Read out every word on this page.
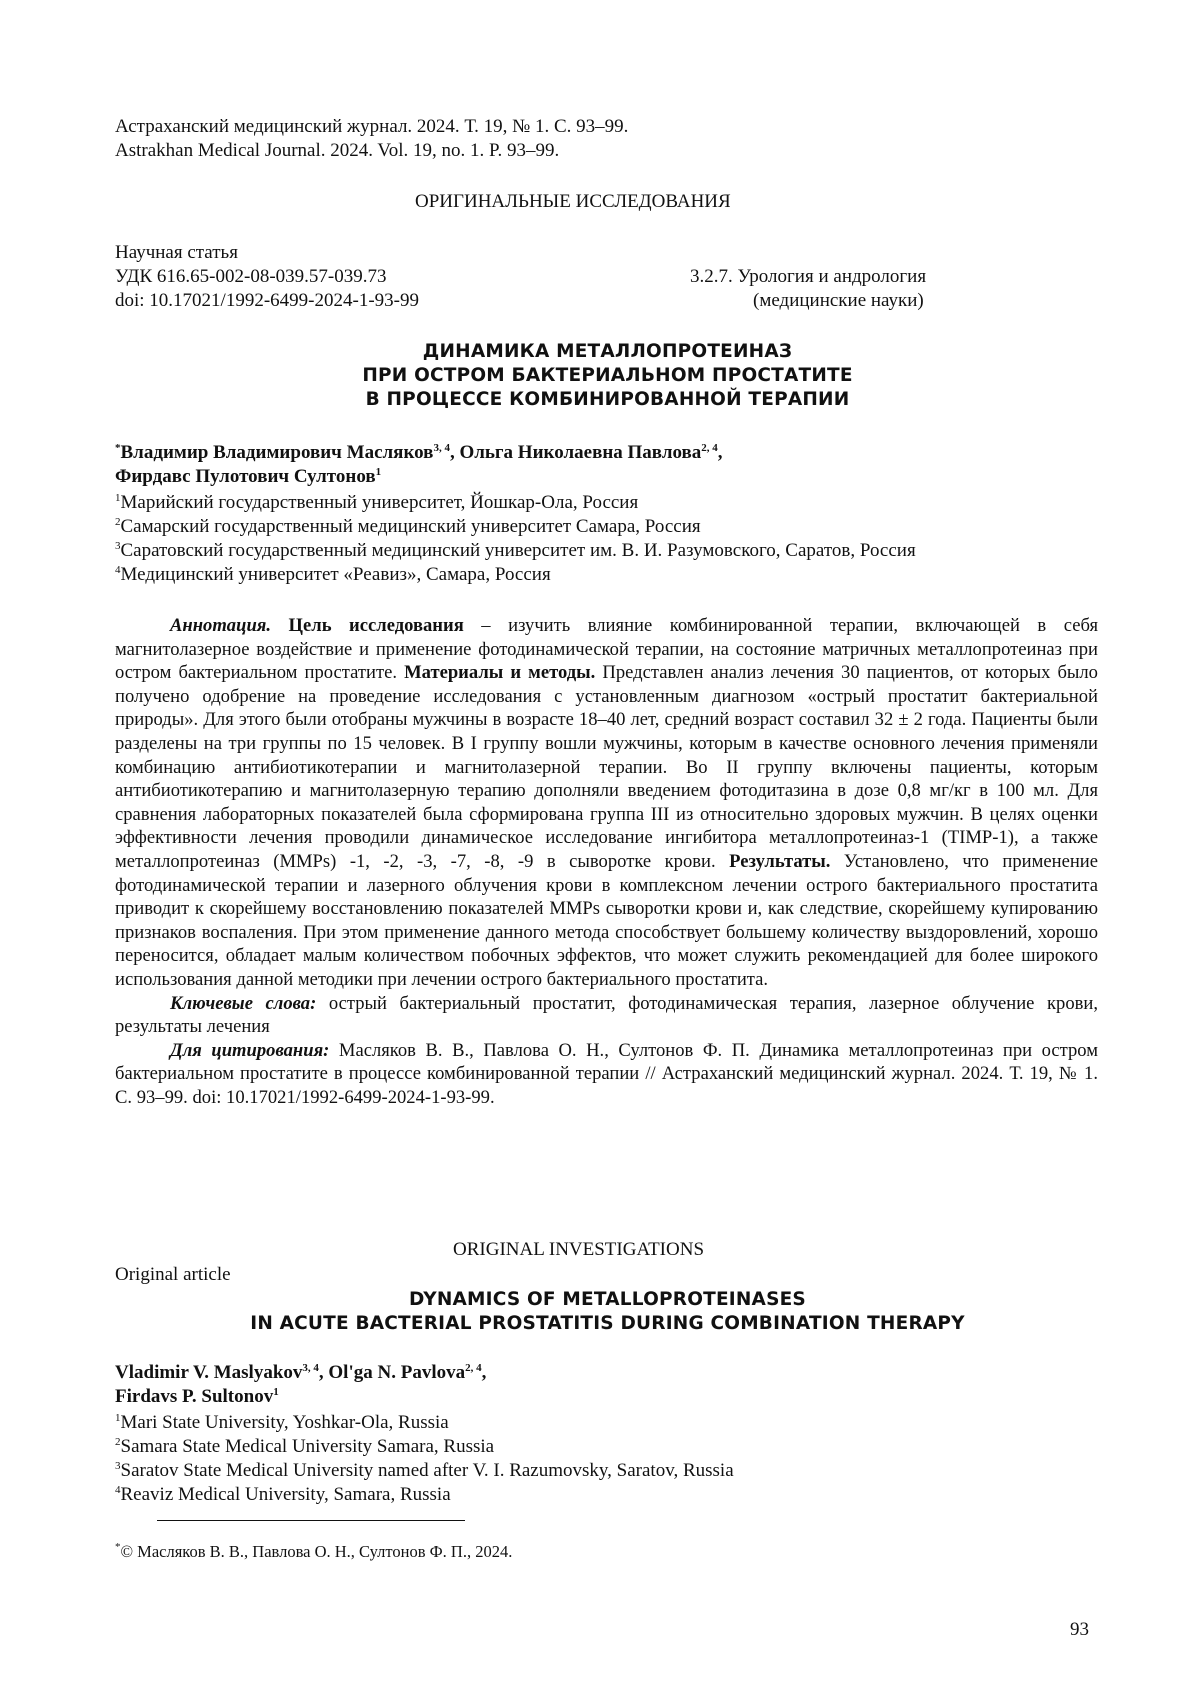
Астраханский медицинский журнал. 2024. Т. 19, № 1. С. 93–99.
Astrakhan Medical Journal. 2024. Vol. 19, no. 1. P. 93–99.
ОРИГИНАЛЬНЫЕ ИССЛЕДОВАНИЯ
Научная статья
УДК 616.65-002-08-039.57-039.73
doi: 10.17021/1992-6499-2024-1-93-99
3.2.7. Урология и андрология
(медицинские науки)
ДИНАМИКА МЕТАЛЛОПРОТЕИНАЗ
ПРИ ОСТРОМ БАКТЕРИАЛЬНОМ ПРОСТАТИТЕ
В ПРОЦЕССЕ КОМБИНИРОВАННОЙ ТЕРАПИИ
*Владимир Владимирович Масляков$^{3, 4}$, Ольга Николаевна Павлова$^{2, 4}$,
Фирдавс Пулотович Султонов$^1$
$^1$Марийский государственный университет, Йошкар-Ола, Россия
$^2$Самарский государственный медицинский университет Самара, Россия
$^3$Саратовский государственный медицинский университет им. В. И. Разумовского, Саратов, Россия
$^4$Медицинский университет «Реавиз», Самара, Россия

Аннотация. Цель исследования – изучить влияние комбинированной терапии, включающей в себя магнитолазерное воздействие и применение фотодинамической терапии, на состояние матричных металлопротеиназ при остром бактериальном простатите. Материалы и методы. Представлен анализ лечения 30 пациентов, от которых было получено одобрение на проведение исследования с установленным диагнозом «острый простатит бактериальной природы». Для этого были отобраны мужчины в возрасте 18–40 лет, средний возраст составил 32 ± 2 года. Пациенты были разделены на три группы по 15 человек. В I группу вошли мужчины, которым в качестве основного лечения применяли комбинацию антибиотикотерапии и магнитолазерной терапии. Во II группу включены пациенты, которым антибиотикотерапию и магнитолазерную терапию дополняли введением фотодитазина в дозе 0,8 мг/кг в 100 мл. Для сравнения лабораторных показателей была сформирована группа III из относительно здоровых мужчин. В целях оценки эффективности лечения проводили динамическое исследование ингибитора металлопротеиназ-1 (TIMP-1), а также металлопротеиназ (MMPs) -1, -2, -3, -7, -8, -9 в сыворотке крови. Результаты. Установлено, что применение фотодинамической терапии и лазерного облучения крови в комплексном лечении острого бактериального простатита приводит к скорейшему восстановлению показателей MMPs сыворотки крови и, как следствие, скорейшему купированию признаков воспаления. При этом применение данного метода способствует большему количеству выздоровлений, хорошо переносится, обладает малым количеством побочных эффектов, что может служить рекомендацией для более широкого использования данной методики при лечении острого бактериального простатита.

Ключевые слова: острый бактериальный простатит, фотодинамическая терапия, лазерное облучение крови, результаты лечения

Для цитирования: Масляков В. В., Павлова О. Н., Султонов Ф. П. Динамика металлопротеиназ при остром бактериальном простатите в процессе комбинированной терапии // Астраханский медицинский журнал. 2024. Т. 19, № 1. С. 93–99. doi: 10.17021/1992-6499-2024-1-93-99.

ORIGINAL INVESTIGATIONS
Original article
DYNAMICS OF METALLOPROTEINASES
IN ACUTE BACTERIAL PROSTATITIS DURING COMBINATION THERAPY
Vladimir V. Maslyakov$^{3, 4}$, Ol'ga N. Pavlova$^{2, 4}$,
Firdavs P. Sultonov$^1$
$^1$Mari State University, Yoshkar-Ola, Russia
$^2$Samara State Medical University Samara, Russia
$^3$Saratov State Medical University named after V. I. Razumovsky, Saratov, Russia
$^4$Reaviz Medical University, Samara, Russia
*© Масляков В. В., Павлова О. Н., Султонов Ф. П., 2024.
93
